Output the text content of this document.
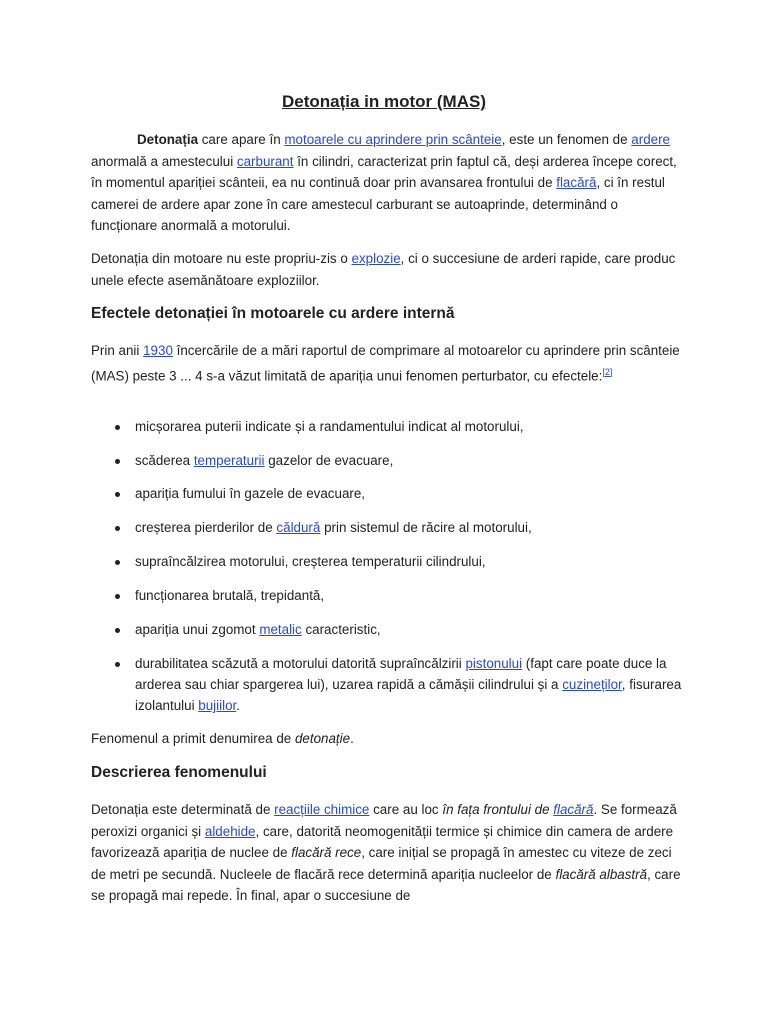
Detonația in motor (MAS)

Detonația care apare în motoarele cu aprindere prin scânteie, este un fenomen de ardere anormală a amestecului carburant în cilindri, caracterizat prin faptul că, deși arderea începe corect, în momentul apariției scânteii, ea nu continuă doar prin avansarea frontului de flacără, ci în restul camerei de ardere apar zone în care amestecul carburant se autoaprinde, determinând o funcționare anormală a motorului.

Detonația din motoare nu este propriu-zis o explozie, ci o succesiune de arderi rapide, care produc unele efecte asemănătoare exploziilor.

Efectele detonației în motoarele cu ardere internă

Prin anii 1930 încercările de a mări raportul de comprimare al motoarelor cu aprindere prin scânteie (MAS) peste 3 ... 4 s-a văzut limitată de apariția unui fenomen perturbator, cu efectele:[2]

micșorarea puterii indicate și a randamentului indicat al motorului,

scăderea temperaturii gazelor de evacuare,

apariția fumului în gazele de evacuare,

creșterea pierderilor de căldură prin sistemul de răcire al motorului,

supraîncălzirea motorului, creșterea temperaturii cilindrului,

funcționarea brutală, trepidantă,

apariția unui zgomot metalic caracteristic,

durabilitatea scăzută a motorului datorită supraîncălzirii pistonului (fapt care poate duce la arderea sau chiar spargerea lui), uzarea rapidă a cămășii cilindrului și a cuzineților, fisurarea izolantului bujiilor.

Fenomenul a primit denumirea de detonație.

Descrierea fenomenului

Detonația este determinată de reacțiile chimice care au loc în fața frontului de flacără. Se formează peroxizi organici și aldehide, care, datorită neomogenității termice și chimice din camera de ardere favorizează apariția de nuclee de flacără rece, care inițial se propagă în amestec cu viteze de zeci de metri pe secundă. Nucleele de flacără rece determină apariția nucleelor de flacără albastră, care se propagă mai repede. În final, apar o succesiune de
